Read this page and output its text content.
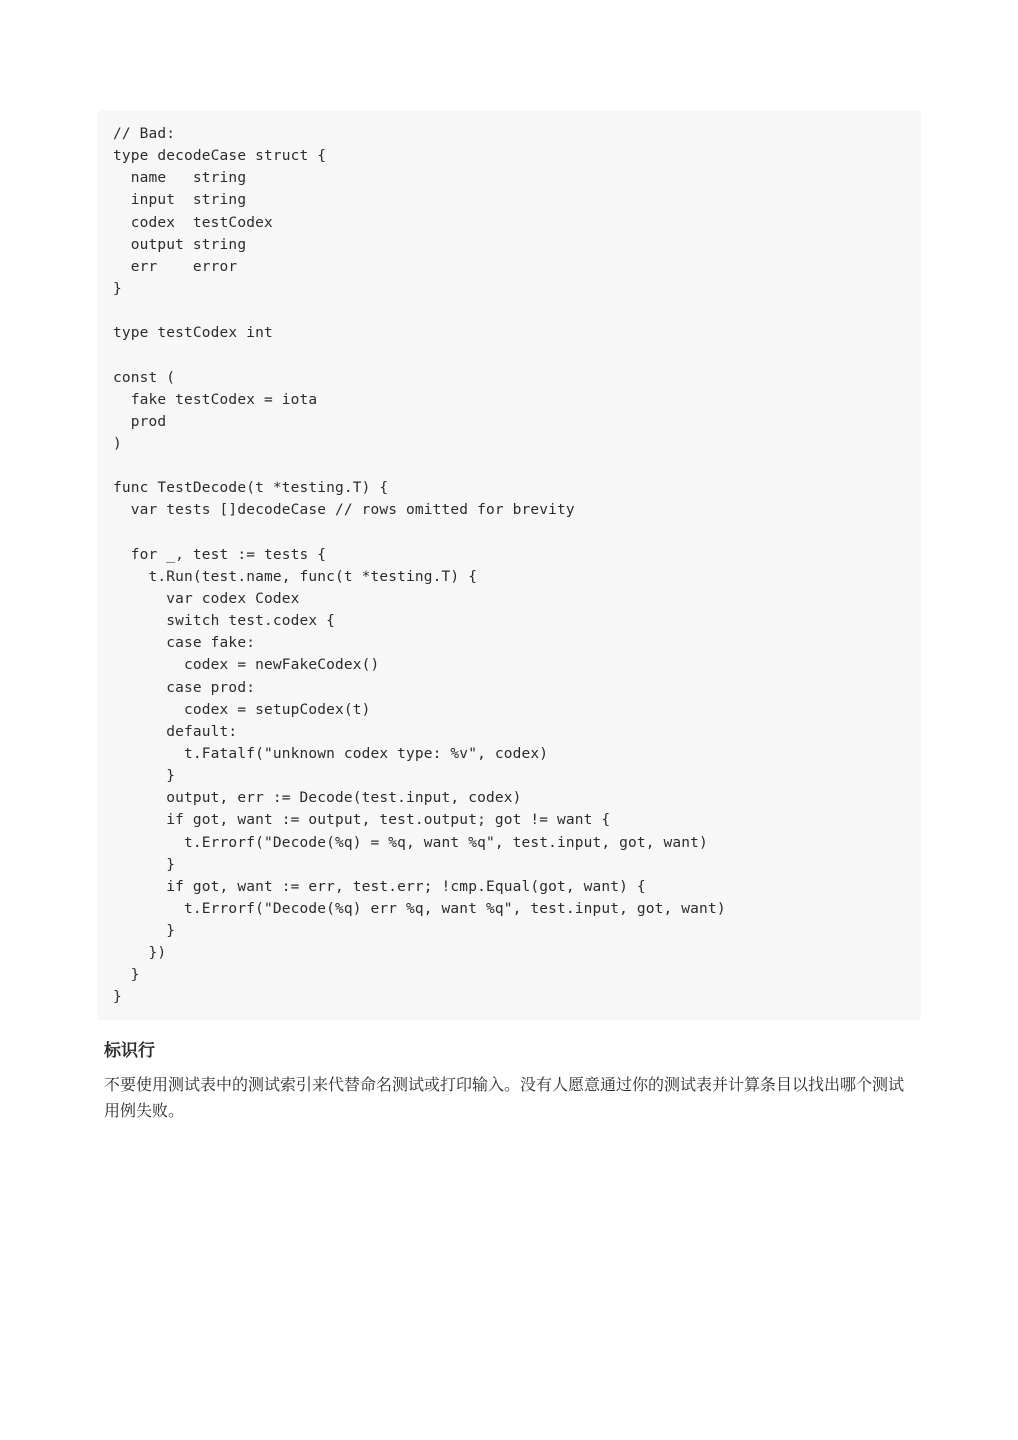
// Bad:
type decodeCase struct {
name   string
input  string
codex  testCodex
output string
err    error
}
type testCodex int
const (
fake testCodex = iota
prod
)
func TestDecode(t *testing.T) {
var tests []decodeCase // rows omitted for brevity
for _, test := tests {
t.Run(test.name, func(t *testing.T) {
var codex Codex
switch test.codex {
case fake:
codex = newFakeCodex()
case prod:
codex = setupCodex(t)
default:
t.Fatalf("unknown codex type: %v", codex)
}
output, err := Decode(test.input, codex)
if got, want := output, test.output; got != want {
t.Errorf("Decode(%q) = %q, want %q", test.input, got, want)
}
if got, want := err, test.err; !cmp.Equal(got, want) {
t.Errorf("Decode(%q) err %q, want %q", test.input, got, want)
}
})
}
}
标识行

不要使用测试表中的测试索引来代替命名测试或打印输入。没有人愿意通过你的测试表并计算条目以找出哪个测试用例失败。
